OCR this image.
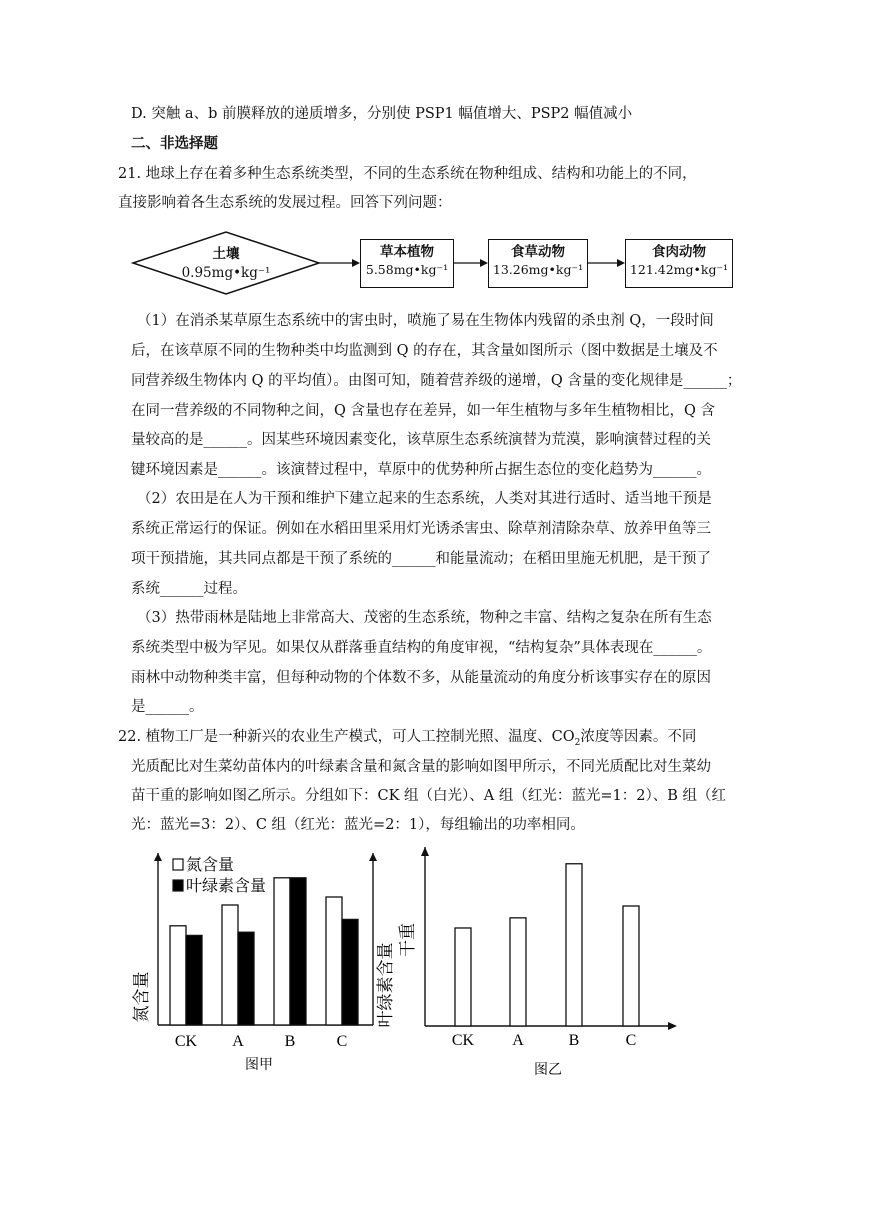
D. 突触 a、b 前膜释放的递质增多，分别使 PSP1 幅值增大、PSP2 幅值减小
二、非选择题
21. 地球上存在着多种生态系统类型，不同的生态系统在物种组成、结构和功能上的不同，
直接影响着各生态系统的发展过程。回答下列问题：
土壤
0.95mg•kg⁻¹
草本植物
5.58mg•kg⁻¹
食草动物
13.26mg•kg⁻¹
食肉动物
121.42mg•kg⁻¹
（1）在消杀某草原生态系统中的害虫时，喷施了易在生物体内残留的杀虫剂 Q，一段时间
后，在该草原不同的生物种类中均监测到 Q 的存在，其含量如图所示（图中数据是土壤及不
同营养级生物体内 Q 的平均值）。由图可知，随着营养级的递增，Q 含量的变化规律是______；
在同一营养级的不同物种之间，Q 含量也存在差异，如一年生植物与多年生植物相比，Q 含
量较高的是______。因某些环境因素变化，该草原生态系统演替为荒漠，影响演替过程的关
键环境因素是______。该演替过程中，草原中的优势种所占据生态位的变化趋势为______。
（2）农田是在人为干预和维护下建立起来的生态系统，人类对其进行适时、适当地干预是
系统正常运行的保证。例如在水稻田里采用灯光诱杀害虫、除草剂清除杂草、放养甲鱼等三
项干预措施，其共同点都是干预了系统的______和能量流动；在稻田里施无机肥，是干预了
系统______过程。
（3）热带雨林是陆地上非常高大、茂密的生态系统，物种之丰富、结构之复杂在所有生态
系统类型中极为罕见。如果仅从群落垂直结构的角度审视，“结构复杂”具体表现在______。
雨林中动物种类丰富，但每种动物的个体数不多，从能量流动的角度分析该事实存在的原因
是______。
22. 植物工厂是一种新兴的农业生产模式，可人工控制光照、温度、$CO_2$浓度等因素。不同
光质配比对生菜幼苗体内的叶绿素含量和氮含量的影响如图甲所示，不同光质配比对生菜幼
苗干重的影响如图乙所示。分组如下：CK 组（白光）、A 组（红光：蓝光=1：2）、B 组（红
光：蓝光=3：2）、C 组（红光：蓝光=2：1），每组输出的功率相同。
CK A	B	C
氮含量
叶绿素含量
氮含量	叶绿素含量
图甲
CK A	B	C
干重
图乙
